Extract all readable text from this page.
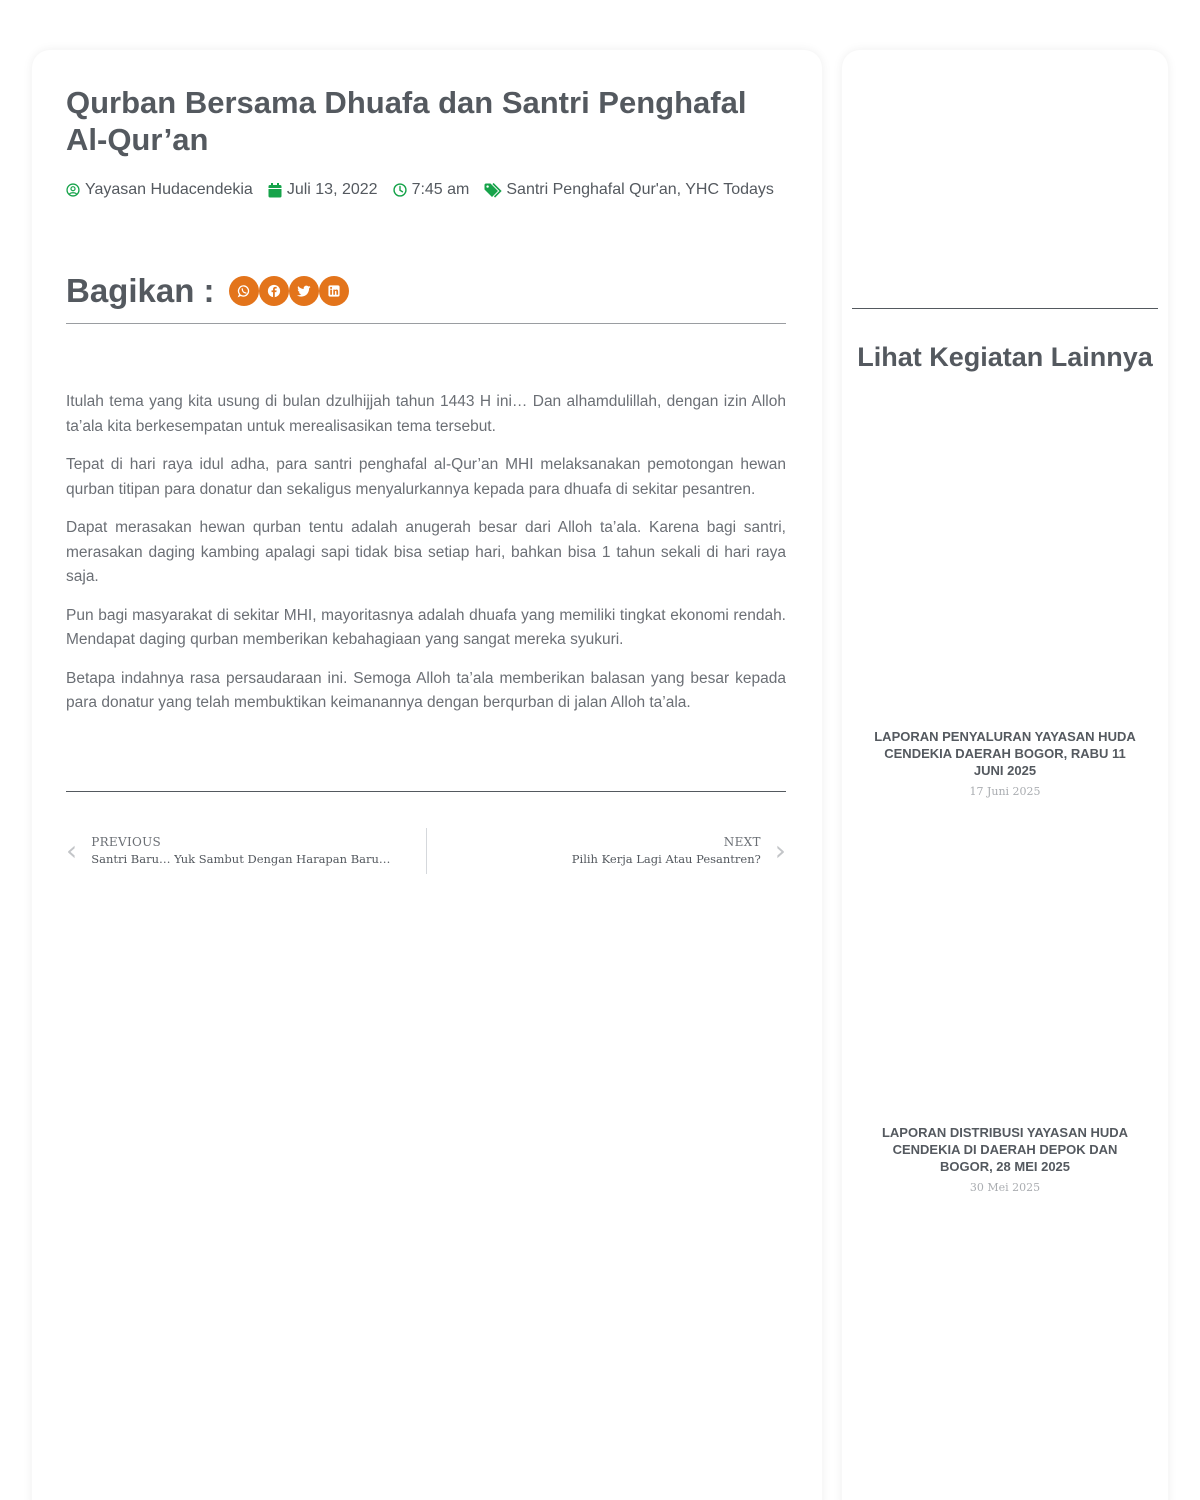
Qurban Bersama Dhuafa dan Santri Penghafal Al-Qur’an
Yayasan Hudacendekia Juli 13, 2022 7:45 am Santri Penghafal Qur'an, YHC Todays
Bagikan :

Itulah tema yang kita usung di bulan dzulhijjah tahun 1443 H ini… Dan alhamdulillah, dengan izin Alloh ta’ala kita berkesempatan untuk merealisasikan tema tersebut.

Tepat di hari raya idul adha, para santri penghafal al-Qur’an MHI melaksanakan pemotongan hewan qurban titipan para donatur dan sekaligus menyalurkannya kepada para dhuafa di sekitar pesantren.

Dapat merasakan hewan qurban tentu adalah anugerah besar dari Alloh ta’ala. Karena bagi santri, merasakan daging kambing apalagi sapi tidak bisa setiap hari, bahkan bisa 1 tahun sekali di hari raya saja.

Pun bagi masyarakat di sekitar MHI, mayoritasnya adalah dhuafa yang memiliki tingkat ekonomi rendah. Mendapat daging qurban memberikan kebahagiaan yang sangat mereka syukuri.

Betapa indahnya rasa persaudaraan ini. Semoga Alloh ta’ala memberikan balasan yang besar kepada para donatur yang telah membuktikan keimanannya dengan berqurban di jalan Alloh ta’ala.

‹ PREVIOUS
Santri Baru… Yuk Sambut Dengan Harapan Baru…
NEXT
Pilih Kerja Lagi Atau Pesantren? ›
Lihat Kegiatan Lainnya
LAPORAN PENYALURAN YAYASAN HUDA CENDEKIA DAERAH BOGOR, RABU 11 JUNI 2025
17 Juni 2025
LAPORAN DISTRIBUSI YAYASAN HUDA CENDEKIA DI DAERAH DEPOK DAN BOGOR, 28 MEI 2025
30 Mei 2025
